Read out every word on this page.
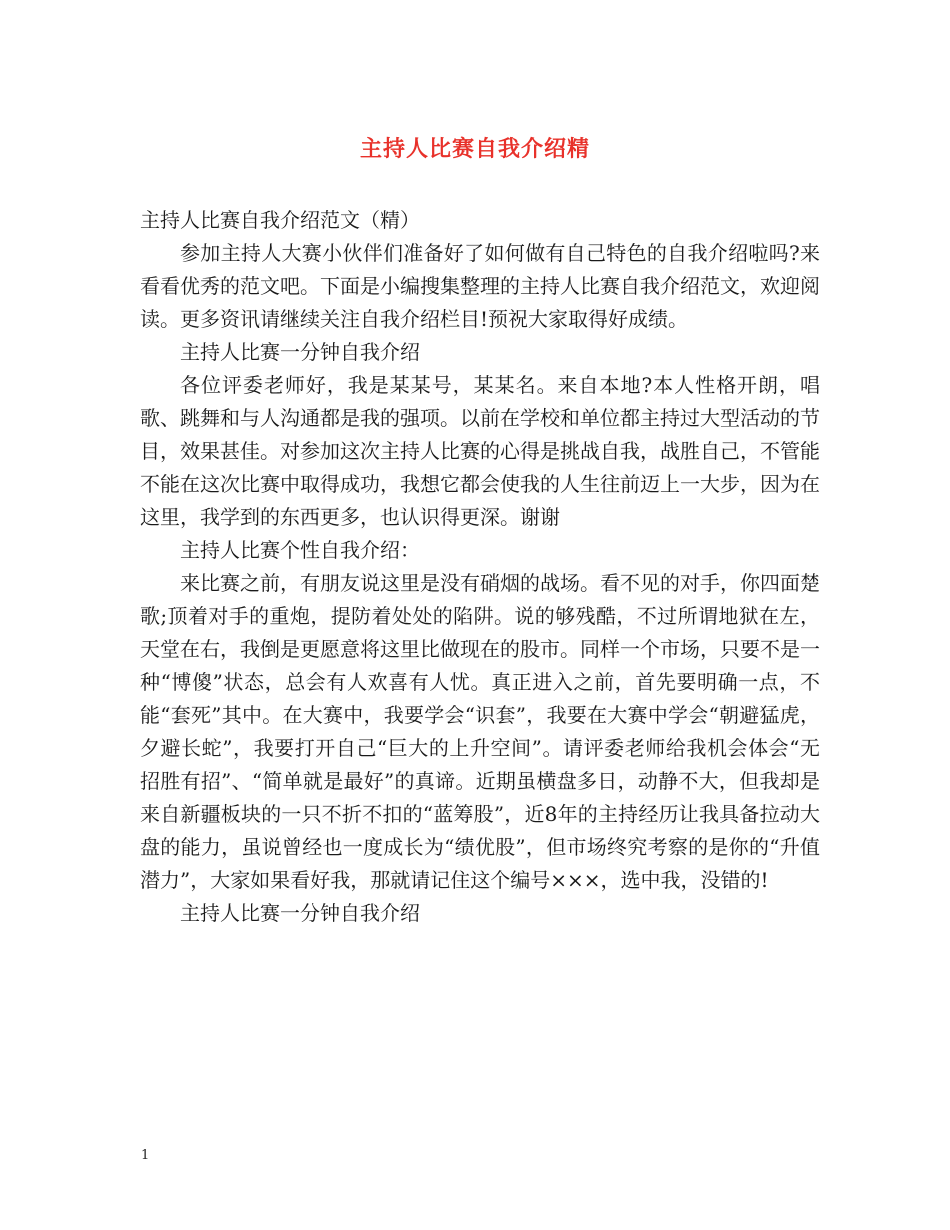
主持人比赛自我介绍精

主持人比赛自我介绍范文（精）

参加主持人大赛小伙伴们准备好了如何做有自己特色的自我介绍啦吗?来看看优秀的范文吧。下面是小编搜集整理的主持人比赛自我介绍范文，欢迎阅读。更多资讯请继续关注自我介绍栏目!预祝大家取得好成绩。

主持人比赛一分钟自我介绍

各位评委老师好，我是某某号，某某名。来自本地?本人性格开朗，唱歌、跳舞和与人沟通都是我的强项。以前在学校和单位都主持过大型活动的节目，效果甚佳。对参加这次主持人比赛的心得是挑战自我，战胜自己，不管能不能在这次比赛中取得成功，我想它都会使我的人生往前迈上一大步，因为在这里，我学到的东西更多，也认识得更深。谢谢

主持人比赛个性自我介绍：

来比赛之前，有朋友说这里是没有硝烟的战场。看不见的对手，你四面楚歌;顶着对手的重炮，提防着处处的陷阱。说的够残酷，不过所谓地狱在左，天堂在右，我倒是更愿意将这里比做现在的股市。同样一个市场，只要不是一种“博傻”状态，总会有人欢喜有人忧。真正进入之前，首先要明确一点，不能“套死”其中。在大赛中，我要学会“识套”，我要在大赛中学会“朝避猛虎，夕避长蛇”，我要打开自己“巨大的上升空间”。请评委老师给我机会体会“无招胜有招”、“简单就是最好”的真谛。近期虽横盘多日，动静不大，但我却是来自新疆板块的一只不折不扣的“蓝筹股”，近8年的主持经历让我具备拉动大盘的能力，虽说曾经也一度成长为“绩优股”，但市场终究考察的是你的“升值潜力”，大家如果看好我，那就请记住这个编号×××，选中我，没错的!

主持人比赛一分钟自我介绍

1
